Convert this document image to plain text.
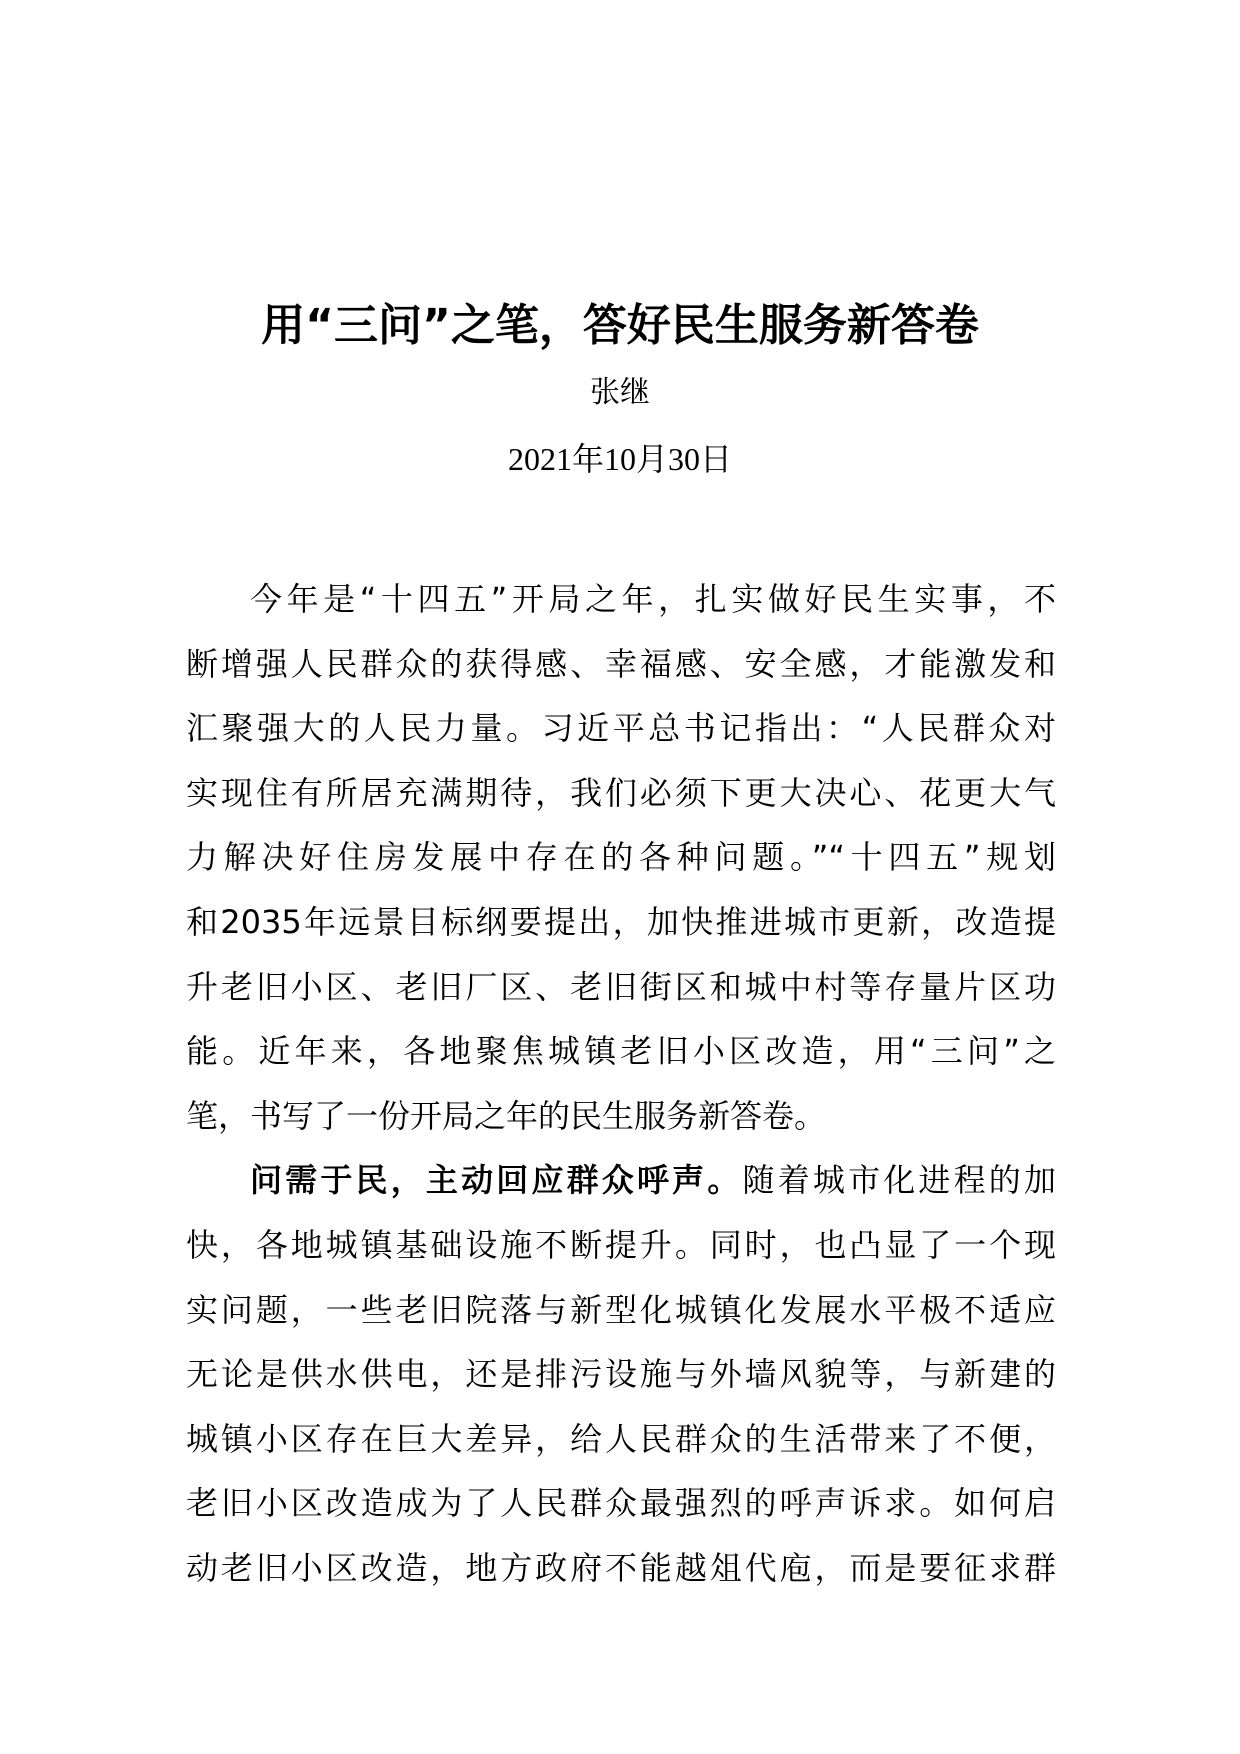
用“三问”之笔，答好民生服务新答卷
张继
2021年10月30日
今年是“十四五”开局之年，扎实做好民生实事，不
断增强人民群众的获得感、幸福感、安全感，才能激发和
汇聚强大的人民力量。习近平总书记指出：“人民群众对
实现住有所居充满期待，我们必须下更大决心、花更大气
力解决好住房发展中存在的各种问题。”“十四五”规划
和2035年远景目标纲要提出，加快推进城市更新，改造提
升老旧小区、老旧厂区、老旧街区和城中村等存量片区功
能。近年来，各地聚焦城镇老旧小区改造，用“三问”之
笔，书写了一份开局之年的民生服务新答卷。
问需于民，主动回应群众呼声。随着城市化进程的加
快，各地城镇基础设施不断提升。同时，也凸显了一个现
实问题，一些老旧院落与新型化城镇化发展水平极不适应
无论是供水供电，还是排污设施与外墙风貌等，与新建的
城镇小区存在巨大差异，给人民群众的生活带来了不便，
老旧小区改造成为了人民群众最强烈的呼声诉求。如何启
动老旧小区改造，地方政府不能越俎代庖，而是要征求群
